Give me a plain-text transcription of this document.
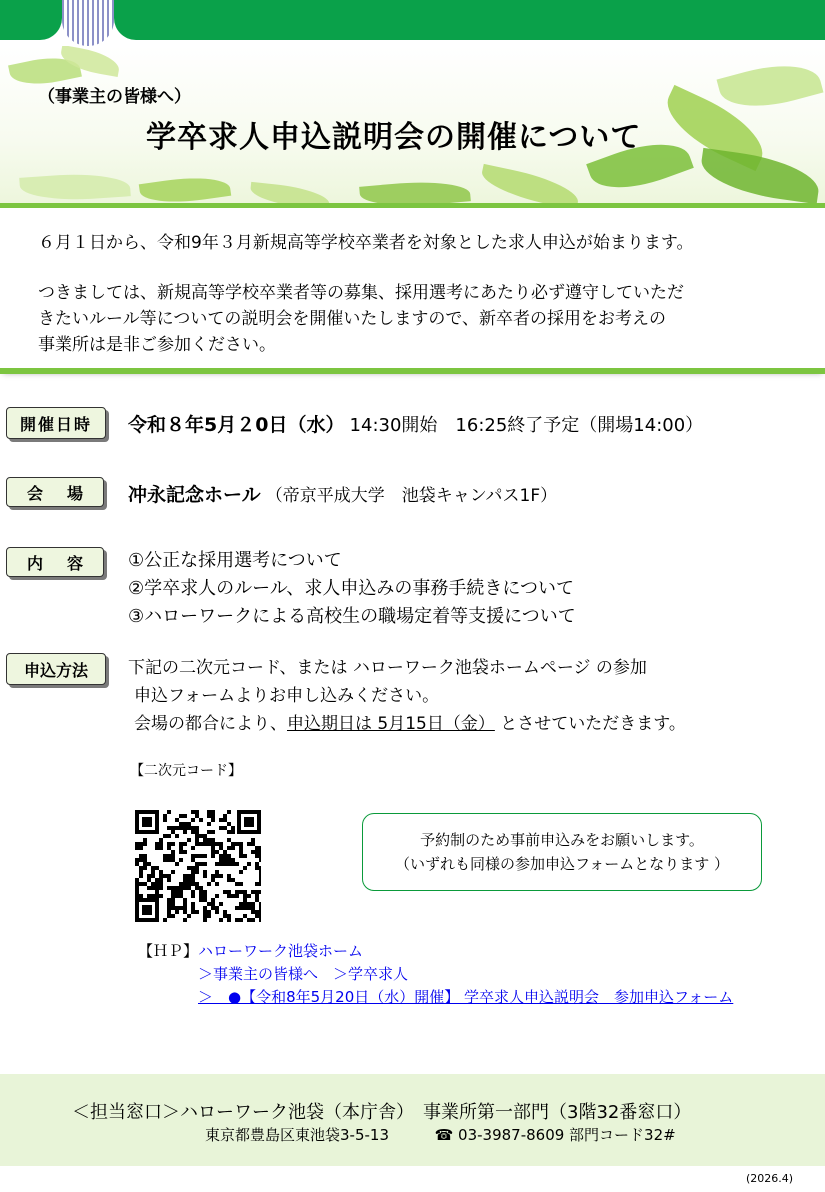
（事業主の皆様へ）
学卒求人申込説明会の開催について

６月１日から、令和9年３月新規高等学校卒業者を対象とした求人申込が始まります。

つきましては、新規高等学校卒業者等の募集、採用選考にあたり必ず遵守していただ

きたいルール等についての説明会を開催いたしますので、新卒者の採用をお考えの

事業所は是非ご参加ください。

開催日時	令和８年5月２0日（水） 14:30開始　16:25終了予定（開場14:00）
会 場 冲永記念ホール （帝京平成大学　池袋キャンパス1F）
内 容	①公正な採用選考について
②学卒求人のルール、求人申込みの事務手続きについて
③ハローワークによる高校生の職場定着等支援について
申込方法	下記の二次元コード、または ハローワーク池袋ホームページ の参加
申込フォームよりお申し込みください。
会場の都合により、申込期日は 5月15日（金） とさせていただきます。
【二次元コード】
予約制のため事前申込みをお願いします。
（いずれも同様の参加申込フォームとなります ）
【ＨＰ】ハローワーク池袋ホーム
＞事業主の皆様へ　＞学卒求人
＞　●【令和8年5月20日（水）開催】 学卒求人申込説明会　参加申込フォーム
＜担当窓口＞ハローワーク池袋（本庁舎）　事業所第一部門（3階32番窓口）
東京都豊島区東池袋3-5-13	☎ 03-3987-8609 部門コード32#
(2026.4)
